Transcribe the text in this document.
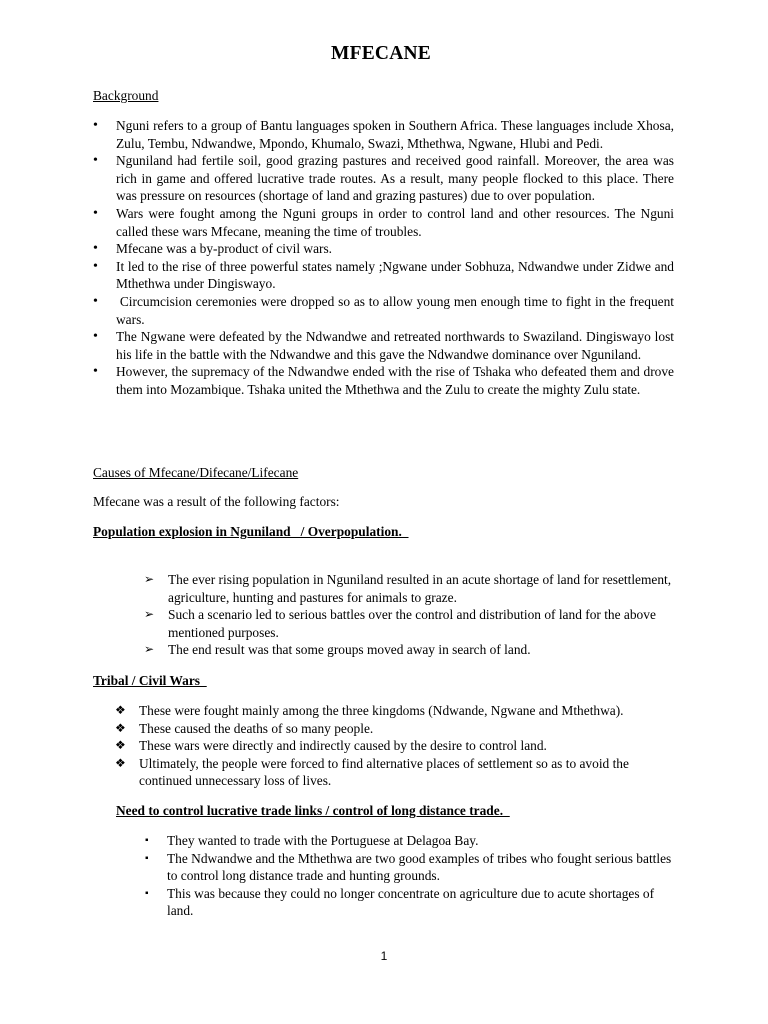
MFECANE
Background
• Nguni refers to a group of Bantu languages spoken in Southern Africa. These languages include Xhosa, Zulu, Tembu, Ndwandwe, Mpondo, Khumalo, Swazi, Mthethwa, Ngwane, Hlubi and Pedi.
• Nguniland had fertile soil, good grazing pastures and received good rainfall. Moreover, the area was rich in game and offered lucrative trade routes. As a result, many people flocked to this place. There was pressure on resources (shortage of land and grazing pastures) due to over population.
• Wars were fought among the Nguni groups in order to control land and other resources. The Nguni called these wars Mfecane, meaning the time of troubles.
• Mfecane was a by-product of civil wars.
• It led to the rise of three powerful states namely ;Ngwane under Sobhuza, Ndwandwe under Zidwe and Mthethwa under Dingiswayo.
• Circumcision ceremonies were dropped so as to allow young men enough time to fight in the frequent wars.
• The Ngwane were defeated by the Ndwandwe and retreated northwards to Swaziland. Dingiswayo lost his life in the battle with the Ndwandwe and this gave the Ndwandwe dominance over Nguniland.
• However, the supremacy of the Ndwandwe ended with the rise of Tshaka who defeated them and drove them into Mozambique. Tshaka united the Mthethwa and the Zulu to create the mighty Zulu state.
Causes of Mfecane/Difecane/Lifecane
Mfecane was a result of the following factors:
Population explosion in Nguniland   / Overpopulation.
➢ The ever rising population in Nguniland resulted in an acute shortage of land for resettlement, agriculture, hunting and pastures for animals to graze.
➢ Such a scenario led to serious battles over the control and distribution of land for the above mentioned purposes.
➢ The end result was that some groups moved away in search of land.
Tribal / Civil Wars
❖ These were fought mainly among the three kingdoms (Ndwande, Ngwane and Mthethwa).
❖ These caused the deaths of so many people.
❖ These wars were directly and indirectly caused by the desire to control land.
❖ Ultimately, the people were forced to find alternative places of settlement so as to avoid the continued unnecessary loss of lives.
Need to control lucrative trade links / control of long distance trade.
▪ They wanted to trade with the Portuguese at Delagoa Bay.
▪ The Ndwandwe and the Mthethwa are two good examples of tribes who fought serious battles to control long distance trade and hunting grounds.
▪ This was because they could no longer concentrate on agriculture due to acute shortages of land.
1
